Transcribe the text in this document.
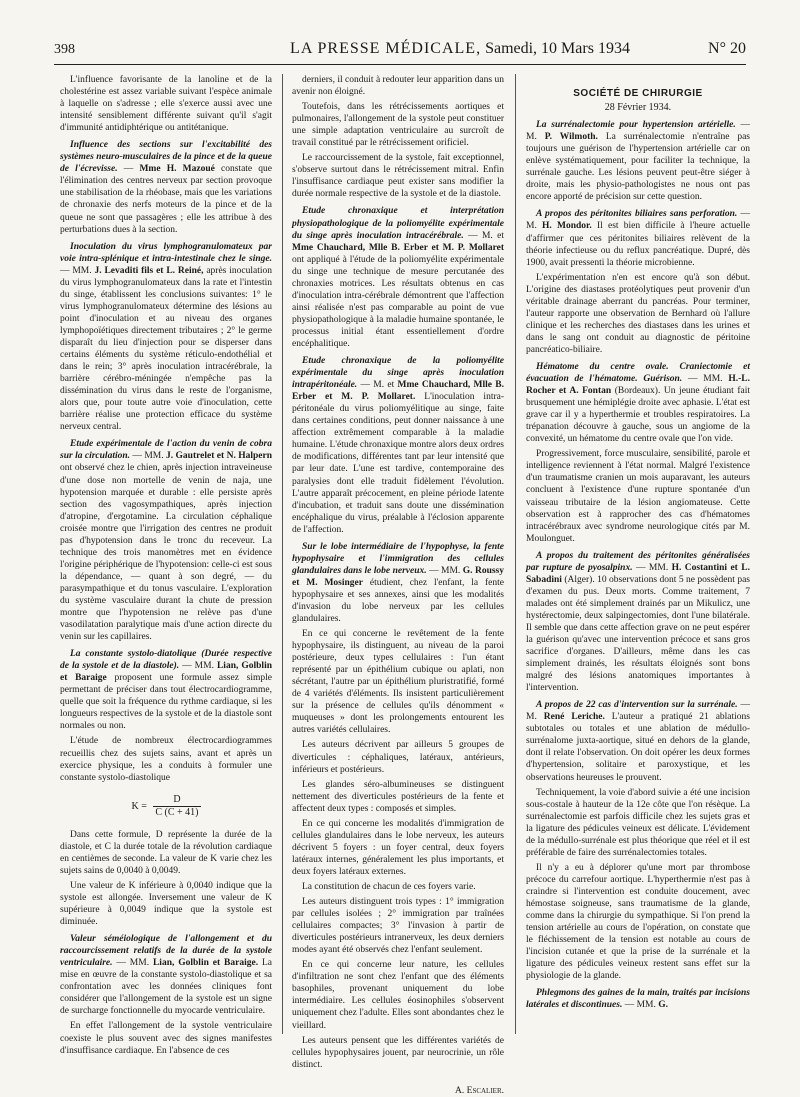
398	LA PRESSE MÉDICALE, Samedi, 10 Mars 1934	N° 20

L'influence favorisante de la lanoline et de la cholestérine est assez variable suivant l'espèce animale à laquelle on s'adresse ; elle s'exerce aussi avec une intensité sensiblement différente suivant qu'il s'agit d'immunité antidiphtérique ou antitétanique.

Influence des sections sur l'excitabilité des systèmes neuro-musculaires de la pince et de la queue de l'écrevisse. — Mme H. Mazoué constate que l'élimination des centres nerveux par section provoque une stabilisation de la rhéobase, mais que les variations de chronaxie des nerfs moteurs de la pince et de la queue ne sont que passagères ; elle les attribue à des perturbations dues à la section.

Inoculation du virus lymphogranulomateux par voie intra-splénique et intra-intestinale chez le singe. — MM. J. Levaditi fils et L. Reiné, après inoculation du virus lymphogranulomateux dans la rate et l'intestin du singe, établissent les conclusions suivantes: 1° le virus lymphogranulomateux détermine des lésions au point d'inoculation et au niveau des organes lymphopoïétiques directement tributaires ; 2° le germe disparaît du lieu d'injection pour se disperser dans certains éléments du système réticulo-endothélial et dans le rein; 3° après inoculation intracérébrale, la barrière cérébro-méningée n'empêche pas la dissémination du virus dans le reste de l'organisme, alors que, pour toute autre voie d'inoculation, cette barrière réalise une protection efficace du système nerveux central.

Etude expérimentale de l'action du venin de cobra sur la circulation. — MM. J. Gautrelet et N. Halpern ont observé chez le chien, après injection intraveineuse d'une dose non mortelle de venin de naja, une hypotension marquée et durable : elle persiste après section des vagosympathiques, après injection d'atropine, d'ergotamine. La circulation céphalique croisée montre que l'irrigation des centres ne produit pas d'hypotension dans le tronc du receveur. La technique des trois manomètres met en évidence l'origine périphérique de l'hypotension: celle-ci est sous la dépendance, — quant à son degré, — du parasympathique et du tonus vasculaire. L'exploration du système vasculaire durant la chute de pression montre que l'hypotension ne relève pas d'une vasodilatation paralytique mais d'une action directe du venin sur les capillaires.

La constante systolo-diatolique (Durée respective de la systole et de la diastole). — MM. Lian, Golblin et Baraige proposent une formule assez simple permettant de préciser dans tout électrocardiogramme, quelle que soit la fréquence du rythme cardiaque, si les longueurs respectives de la systole et de la diastole sont normales ou non.

L'étude de nombreux électrocardiogrammes recueillis chez des sujets sains, avant et après un exercice physique, les a conduits à formuler une constante systolo-diastolique

$K = \frac{D}{C (C + 41)}$

Dans cette formule, D représente la durée de la diastole, et C la durée totale de la révolution cardiaque en centièmes de seconde. La valeur de K varie chez les sujets sains de 0,0040 à 0,0049.

Une valeur de K inférieure à 0,0040 indique que la systole est allongée. Inversement une valeur de K supérieure à 0,0049 indique que la systole est diminuée.

Valeur séméiologique de l'allongement et du raccourcissement relatifs de la durée de la systole ventriculaire. — MM. Lian, Golblin et Baraige. La mise en œuvre de la constante systolo-diastolique et sa confrontation avec les données cliniques font considérer que l'allongement de la systole est un signe de surcharge fonctionnelle du myocarde ventriculaire.

En effet l'allongement de la systole ventriculaire coexiste le plus souvent avec des signes manifestes d'insuffisance cardiaque. En l'absence de ces

derniers, il conduit à redouter leur apparition dans un avenir non éloigné.

Toutefois, dans les rétrécissements aortiques et pulmonaires, l'allongement de la systole peut constituer une simple adaptation ventriculaire au surcroît de travail constitué par le rétrécissement orificiel.

Le raccourcissement de la systole, fait exceptionnel, s'observe surtout dans le rétrécissement mitral. Enfin l'insuffisance cardiaque peut exister sans modifier la durée normale respective de la systole et de la diastole.

Etude chronaxique et interprétation physiopathologique de la poliomyélite expérimentale du singe après inoculation intracérébrale. — M. et Mme Chauchard, Mlle B. Erber et M. P. Mollaret ont appliqué à l'étude de la poliomyélite expérimentale du singe une technique de mesure percutanée des chronaxies motrices. Les résultats obtenus en cas d'inoculation intra-cérébrale démontrent que l'affection ainsi réalisée n'est pas comparable au point de vue physiopathologique à la maladie humaine spontanée, le processus initial étant essentiellement d'ordre encéphalitique.

Etude chronaxique de la poliomyélite expérimentale du singe après inoculation intrapéritonéale. — M. et Mme Chauchard, Mlle B. Erber et M. P. Mollaret. L'inoculation intra-péritonéale du virus poliomyélitique au singe, faite dans certaines conditions, peut donner naissance à une affection extrêmement comparable à la maladie humaine. L'étude chronaxique montre alors deux ordres de modifications, différentes tant par leur intensité que par leur date. L'une est tardive, contemporaine des paralysies dont elle traduit fidèlement l'évolution. L'autre apparaît précocement, en pleine période latente d'incubation, et traduit sans doute une dissémination encéphalique du virus, préalable à l'éclosion apparente de l'affection.

Sur le lobe intermédiaire de l'hypophyse, la fente hypophysaire et l'immigration des cellules glandulaires dans le lobe nerveux. — MM. G. Roussy et M. Mosinger étudient, chez l'enfant, la fente hypophysaire et ses annexes, ainsi que les modalités d'invasion du lobe nerveux par les cellules glandulaires.

En ce qui concerne le revêtement de la fente hypophysaire, ils distinguent, au niveau de la paroi postérieure, deux types cellulaires : l'un étant représenté par un épithélium cubique ou aplati, non sécrétant, l'autre par un épithélium pluristratifié, formé de 4 variétés d'éléments. Ils insistent particulièrement sur la présence de cellules qu'ils dénomment « muqueuses » dont les prolongements entourent les autres variétés cellulaires.

Les auteurs décrivent par ailleurs 5 groupes de diverticules : céphaliques, latéraux, antérieurs, inférieurs et postérieurs.

Les glandes séro-albumineuses se distinguent nettement des diverticules postérieurs de la fente et affectent deux types : composés et simples.

En ce qui concerne les modalités d'immigration de cellules glandulaires dans le lobe nerveux, les auteurs décrivent 5 foyers : un foyer central, deux foyers latéraux internes, généralement les plus importants, et deux foyers latéraux externes.

La constitution de chacun de ces foyers varie.

Les auteurs distinguent trois types : 1° immigration par cellules isolées ; 2° immigration par traînées cellulaires compactes; 3° l'invasion à partir de diverticules postérieurs intranerveux, les deux derniers modes ayant été observés chez l'enfant seulement.

En ce qui concerne leur nature, les cellules d'infiltration ne sont chez l'enfant que des éléments basophiles, provenant uniquement du lobe intermédiaire. Les cellules éosinophiles s'observent uniquement chez l'adulte. Elles sont abondantes chez le vieillard.

Les auteurs pensent que les différentes variétés de cellules hypophysaires jouent, par neurocrinie, un rôle distinct.

A. Escalier.

SOCIÉTÉ DE CHIRURGIE
28 Février 1934.

La surrénalectomie pour hypertension artérielle. — M. P. Wilmoth. La surrénalectomie n'entraîne pas toujours une guérison de l'hypertension artérielle car on enlève systématiquement, pour faciliter la technique, la surrénale gauche. Les lésions peuvent peut-être siéger à droite, mais les physio-pathologistes ne nous ont pas encore apporté de précision sur cette question.

A propos des péritonites biliaires sans perforation. — M. H. Mondor. Il est bien difficile à l'heure actuelle d'affirmer que ces péritonites biliaires relèvent de la théorie infectieuse ou du reflux pancréatique. Dupré, dès 1900, avait pressenti la théorie microbienne.

L'expérimentation n'en est encore qu'à son début. L'origine des diastases protéolytiques peut provenir d'un véritable drainage aberrant du pancréas. Pour terminer, l'auteur rapporte une observation de Bernhard où l'allure clinique et les recherches des diastases dans les urines et dans le sang ont conduit au diagnostic de péritoine pancréatico-biliaire.

Hématome du centre ovale. Craniectomie et évacuation de l'hématome. Guérison. — MM. H.-L. Rocher et A. Fontan (Bordeaux). Un jeune étudiant fait brusquement une hémiplégie droite avec aphasie. L'état est grave car il y a hyperthermie et troubles respiratoires. La trépanation découvre à gauche, sous un angiome de la convexité, un hématome du centre ovale que l'on vide.

Progressivement, force musculaire, sensibilité, parole et intelligence reviennent à l'état normal. Malgré l'existence d'un traumatisme cranien un mois auparavant, les auteurs concluent à l'existence d'une rupture spontanée d'un vaisseau tributaire de la lésion angiomateuse. Cette observation est à rapprocher des cas d'hématomes intracérébraux avec syndrome neurologique cités par M. Moulonguet.

A propos du traitement des péritonites généralisées par rupture de pyosalpinx. — MM. H. Costantini et L. Sabadini (Alger). 10 observations dont 5 ne possèdent pas d'examen du pus. Deux morts. Comme traitement, 7 malades ont été simplement drainés par un Mikulicz, une hystérectomie, deux salpingectomies, dont l'une bilatérale. Il semble que dans cette affection grave on ne peut espérer la guérison qu'avec une intervention précoce et sans gros sacrifice d'organes. D'ailleurs, même dans les cas simplement drainés, les résultats éloignés sont bons malgré des lésions anatomiques importantes à l'intervention.

A propos de 22 cas d'intervention sur la surrénale. — M. René Leriche. L'auteur a pratiqué 21 ablations subtotales ou totales et une ablation de médullo-surrénalome juxta-aortique, situé en dehors de la glande, dont il relate l'observation. On doit opérer les deux formes d'hypertension, solitaire et paroxystique, et les observations heureuses le prouvent.

Techniquement, la voie d'abord suivie a été une incision sous-costale à hauteur de la 12e côte que l'on résèque. La surrénalectomie est parfois difficile chez les sujets gras et la ligature des pédicules veineux est délicate. L'évidement de la médullo-surrénale est plus théorique que réel et il est préférable de faire des surrénalectomies totales.

Il n'y a eu à déplorer qu'une mort par thrombose précoce du carrefour aortique. L'hyperthermie n'est pas à craindre si l'intervention est conduite doucement, avec hémostase soigneuse, sans traumatisme de la glande, comme dans la chirurgie du sympathique. Si l'on prend la tension artérielle au cours de l'opération, on constate que le fléchissement de la tension est notable au cours de l'incision cutanée et que la prise de la surrénale et la ligature des pédicules veineux restent sans effet sur la physiologie de la glande.

Phlegmons des gaines de la main, traités par incisions latérales et discontinues. — MM. G.
